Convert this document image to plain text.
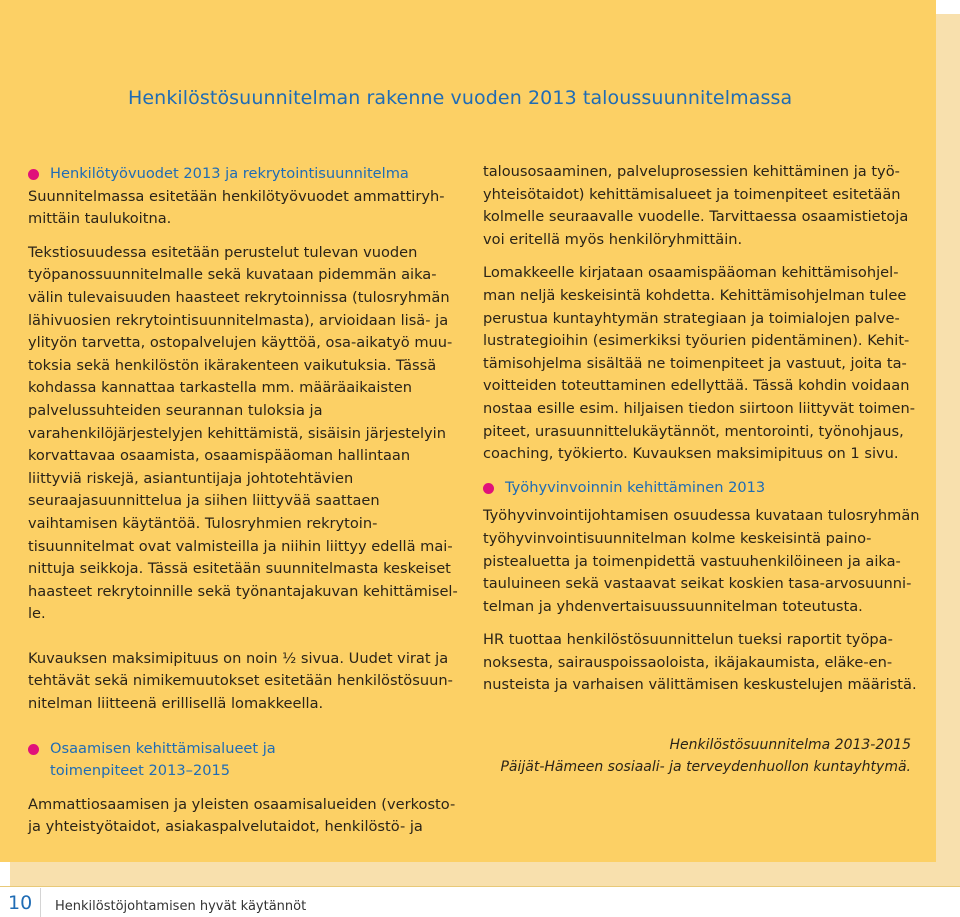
Henkilöstösuunnitelman rakenne vuoden 2013 taloussuunnitelmassa
Henkilötyövuodet 2013 ja rekrytointisuunnitelma

Suunnitelmassa esitetään henkilötyövuodet ammattiryhmittäin taulukoitna.

Tekstiosuudessa esitetään perustelut tulevan vuoden työpanossuunnitelmalle sekä kuvataan pidemmän aikavälin tulevaisuuden haasteet rekrytoinnissa (tulosryhmän lähivuosien rekrytointisuunnitelmasta), arvioidaan lisä- ja ylityön tarvetta, ostopalvelujen käyttöä, osa-aikatyö muutoksia sekä henkilöstön ikärakenteen vaikutuksia. Tässä kohdassa kannattaa tarkastella mm. määräaikaisten palvelussuhteiden seurannan tuloksia ja varahenkilöjärjestelyjen kehittämistä, sisäisin järjestelyin korvattavaa osaamista, osaamispääoman hallintaan liittyviä riskejä, asiantuntijaja johtotehtävien seuraajasuunnittelua ja siihen liittyvää saattaen vaihtamisen käytäntöä. Tulosryhmien rekrytointisuunnitelmat ovat valmisteilla ja niihin liittyy edellä mainittuja seikkoja. Tässä esitetään suunnitelmasta keskeiset haasteet rekrytoinnille sekä työnantajakuvan kehittämiselle.

Kuvauksen maksimipituus on noin ½ sivua. Uudet virat ja tehtävät sekä nimikemuutokset esitetään henkilöstösuunnitelman liitteenä erillisellä lomakkeella.

Osaamisen kehittämisalueet ja
toimenpiteet 2013–2015

Ammattiosaamisen ja yleisten osaamisalueiden (verkosto- ja yhteistyötaidot, asiakaspalvelutaidot, henkilöstö- ja

talousosaaminen, palveluprosessien kehittäminen ja työyhteisötaidot) kehittämisalueet ja toimenpiteet esitetään kolmelle seuraavalle vuodelle. Tarvittaessa osaamistietoja voi eritellä myös henkilöryhmittäin.

Lomakkeelle kirjataan osaamispääoman kehittämisohjelman neljä keskeisintä kohdetta. Kehittämisohjelman tulee perustua kuntayhtymän strategiaan ja toimialojen palvelustrategioihin (esimerkiksi työurien pidentäminen). Kehittämisohjelma sisältää ne toimenpiteet ja vastuut, joita tavoitteiden toteuttaminen edellyttää. Tässä kohdin voidaan nostaa esille esim. hiljaisen tiedon siirtoon liittyvät toimenpiteet, urasuunnittelukäytännöt, mentorointi, työnohjaus, coaching, työkierto. Kuvauksen maksimipituus on 1 sivu.

Työhyvinvoinnin kehittäminen 2013

Työhyvinvointijohtamisen osuudessa kuvataan tulosryhmän työhyvinvointisuunnitelman kolme keskeisintä painopistealuetta ja toimenpidettä vastuuhenkilöineen ja aikatauluineen sekä vastaavat seikat koskien tasa-arvosuunnitelman ja yhdenvertaisuussuunnitelman toteutusta.

HR tuottaa henkilöstösuunnittelun tueksi raportit työpanoksesta, sairauspoissaoloista, ikäjakaumista, eläke-ennusteista ja varhaisen välittämisen keskustelujen määristä.

Henkilöstösuunnitelma 2013-2015
Päijät-Hämeen sosiaali- ja terveydenhuollon kuntayhtymä.
10 Henkilöstöjohtamisen hyvät käytännöt
